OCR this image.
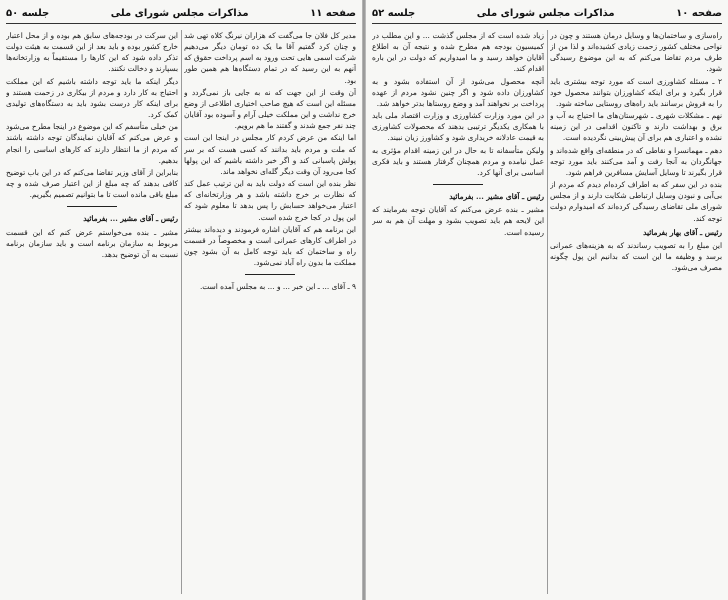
صفحه ۱۱
مذاکرات مجلس شورای ملی
جلسه ۵۰
مدیر کل فلان جا می‌گفت که هزاران نیرنگ کلاه تهی شد و چنان کرد گفتیم آقا ما یک ده تومان دیگر می‌دهیم شرکت اسمی هایی تحت ورود به اسم پرداخت حقوق که آنهم به این رسید که در تمام دستگاه‌ها هم همین طور بود.
آن وقت از این جهت که نه به جایی باز نمی‌گردد و مسئله این است که هیچ صاحب اختیاری اطلاعی از وضع خرج نداشت و این مملکت خیلی آرام و آسوده بود آقایان چند نفر جمع شدند و گفتند ما هم برویم.
اما اینکه من عرض کردم کار مجلس در اینجا این است که ملت و مردم باید بدانند که کسی هست که بر سر پولش پاسبانی کند و اگر خبر داشته باشیم که این پولها کجا می‌رود آن وقت دیگر گله‌ای نخواهد ماند.
نظر بنده این است که دولت باید به این ترتیب عمل کند که نظارت بر خرج داشته باشد و هر وزارتخانه‌ای که اعتبار می‌خواهد حسابش را پس بدهد تا معلوم شود که این پول در کجا خرج شده است.
این برنامه هم که آقایان اشاره فرمودند و دیده‌اند بیشتر در اطراف کارهای عمرانی است و مخصوصاً در قسمت راه و ساختمان که باید توجه کامل به آن بشود چون مملکت ما بدون راه آباد نمی‌شود.
۹ ـ آقای ... ـ این خبر ... و ... به مجلس آمده است.
این سرکت در بودجه‌های سابق هم بوده و از محل اعتبار خارج کشور بوده و باید بعد از این قسمت به هیئت دولت تذکر داده شود که این کارها را مستقیماً به وزارتخانه‌ها بسپارند و دخالت نکنند.
دیگر اینکه ما باید توجه داشته باشیم که این مملکت احتیاج به کار دارد و مردم از بیکاری در زحمت هستند و برای اینکه کار درست بشود باید به دستگاه‌های تولیدی کمک کرد.
من خیلی متأسفم که این موضوع در اینجا مطرح می‌شود و عرض می‌کنم که آقایان نمایندگان توجه داشته باشند که مردم از ما انتظار دارند که کارهای اساسی را انجام بدهیم.
بنابراین از آقای وزیر تقاضا می‌کنم که در این باب توضیح کافی بدهند که چه مبلغ از این اعتبار صرف شده و چه مبلغ باقی مانده است تا ما بتوانیم تصمیم بگیریم.
رئیس ـ آقای مشیر ... بفرمائید
مشیر ـ بنده می‌خواستم عرض کنم که این قسمت مربوط به سازمان برنامه است و باید سازمان برنامه نسبت به آن توضیح بدهد.
صفحه ۱۰
مذاکرات مجلس شورای ملی
جلسه ۵۲
راه‌سازی و ساختمان‌ها و وسایل درمان هستند و چون در نواحی مختلف کشور زحمت زیادی کشیده‌اند و لذا من از طرف مردم تقاضا می‌کنم که به این موضوع رسیدگی شود.
۲ ـ مسئله کشاورزی است که مورد توجه بیشتری باید قرار بگیرد و برای اینکه کشاورزان بتوانند محصول خود را به فروش برسانند باید راه‌های روستایی ساخته شود.
نهم ـ مشکلات شهری ـ شهرستان‌های ما احتیاج به آب و برق و بهداشت دارند و تاکنون اقدامی در این زمینه نشده و اعتباری هم برای آن پیش‌بینی نگردیده است.
دهم ـ مهمانسرا و نقاطی که در منطقه‌ای واقع شده‌اند و جهانگردان به آنجا رفت و آمد می‌کنند باید مورد توجه قرار بگیرند تا وسایل آسایش مسافرین فراهم شود.
بنده در این سفر که به اطراف کرده‌ام دیدم که مردم از بی‌آبی و نبودن وسایل ارتباطی شکایت دارند و از مجلس شورای ملی تقاضای رسیدگی کرده‌اند که امیدوارم دولت توجه کند.
رئیس ـ آقای بهار بفرمائید
این مبلغ را به تصویب رساندند که به هزینه‌های عمرانی برسد و وظیفه ما این است که بدانیم این پول چگونه مصرف می‌شود.
زیاد شده است که از مجلس گذشت ... و این مطلب در کمیسیون بودجه هم مطرح شده و نتیجه آن به اطلاع آقایان خواهد رسید و ما امیدواریم که دولت در این باره اقدام کند.
آنچه محصول می‌شود از آن استفاده بشود و به کشاورزان داده شود و اگر چنین نشود مردم از عهده پرداخت بر نخواهند آمد و وضع روستاها بدتر خواهد شد.
در این مورد وزارت کشاورزی و وزارت اقتصاد ملی باید با همکاری یکدیگر ترتیبی بدهند که محصولات کشاورزی به قیمت عادلانه خریداری شود و کشاورز زیان نبیند.
ولیکن متأسفانه تا به حال در این زمینه اقدام مؤثری به عمل نیامده و مردم همچنان گرفتار هستند و باید فکری اساسی برای آنها کرد.
رئیس ـ آقای مشیر ... بفرمائید
مشیر ـ بنده عرض می‌کنم که آقایان توجه بفرمایند که این لایحه هم باید تصویب بشود و مهلت آن هم به سر رسیده است.
